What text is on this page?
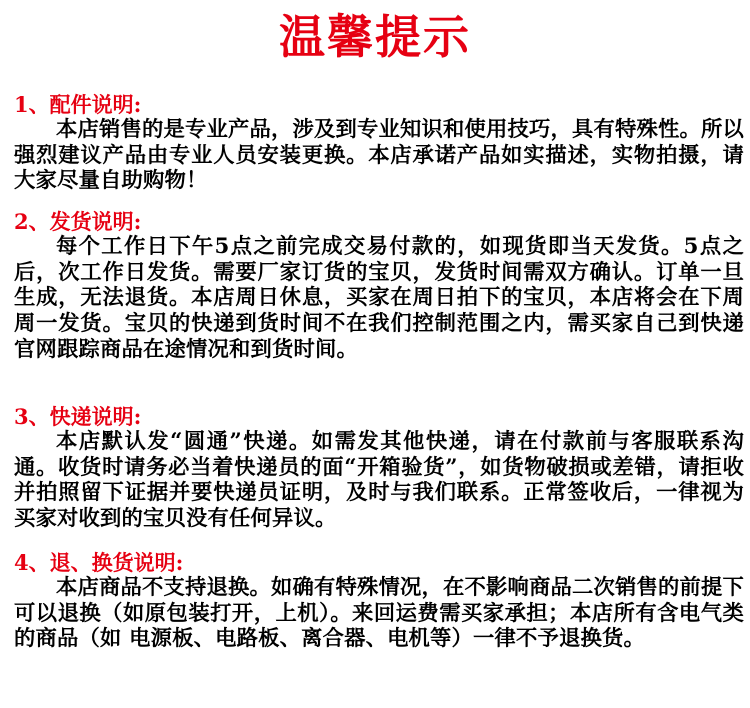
温馨提示
1、配件说明:
本店销售的是专业产品，涉及到专业知识和使用技巧，具有特殊性。所以强烈建议产品由专业人员安装更换。本店承诺产品如实描述，实物拍摄，请大家尽量自助购物！
2、发货说明:
每个工作日下午5点之前完成交易付款的，如现货即当天发货。5点之后，次工作日发货。需要厂家订货的宝贝，发货时间需双方确认。订单一旦生成，无法退货。本店周日休息，买家在周日拍下的宝贝，本店将会在下周周一发货。宝贝的快递到货时间不在我们控制范围之内，需买家自己到快递官网跟踪商品在途情况和到货时间。
3、快递说明:
本店默认发“圆通”快递。如需发其他快递，请在付款前与客服联系沟通。收货时请务必当着快递员的面“开箱验货”，如货物破损或差错，请拒收并拍照留下证据并要快递员证明，及时与我们联系。正常签收后，一律视为买家对收到的宝贝没有任何异议。
4、退、换货说明:
本店商品不支持退换。如确有特殊情况，在不影响商品二次销售的前提下可以退换（如原包装打开，上机）。来回运费需买家承担；本店所有含电气类的商品（如 电源板、电路板、离合器、电机等）一律不予退换货。
